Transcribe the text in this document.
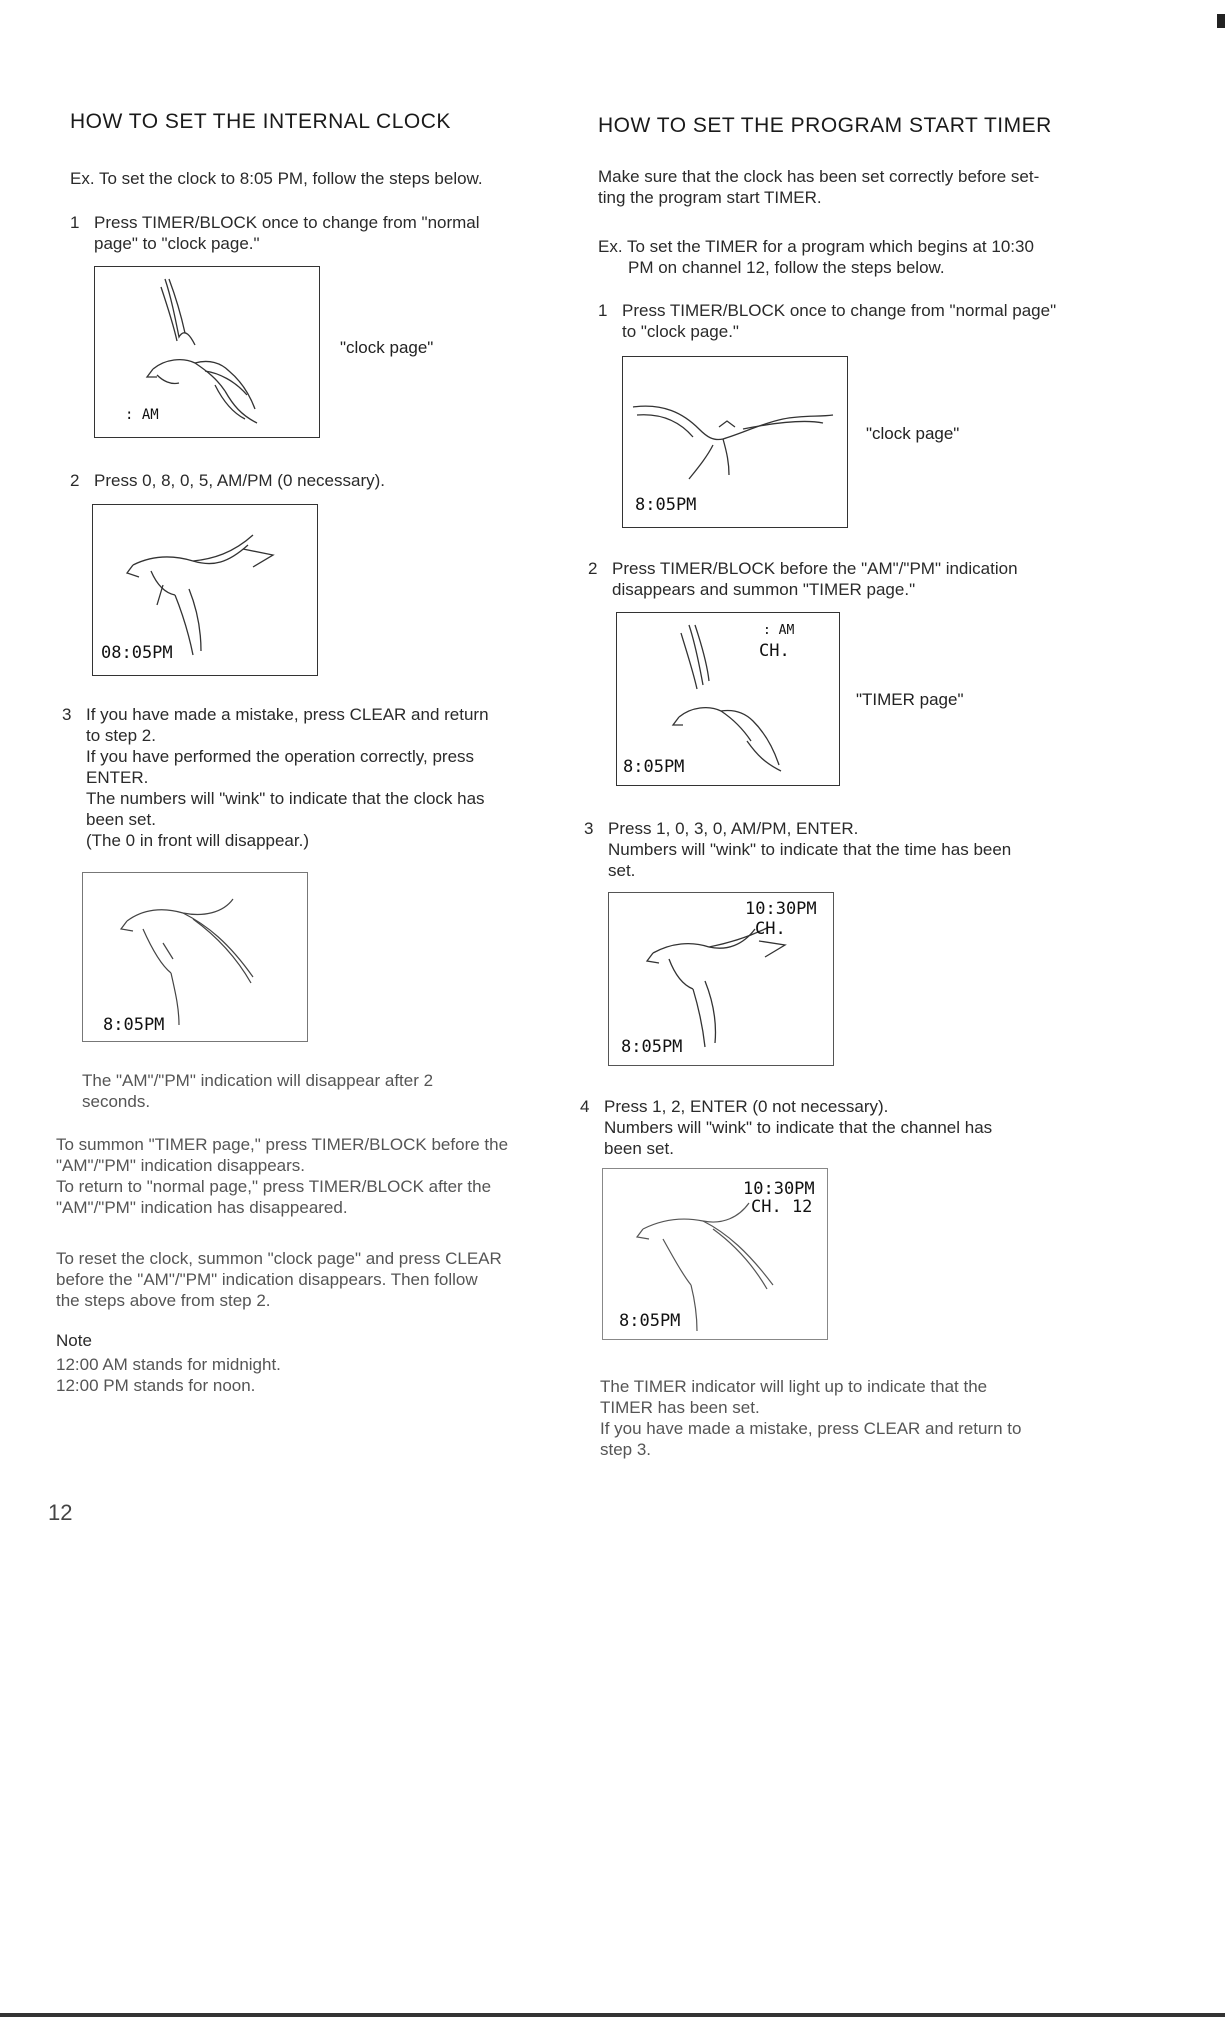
HOW TO SET THE INTERNAL CLOCK
Ex. To set the clock to 8:05 PM, follow the steps below.
1 Press TIMER/BLOCK once to change from "normal
page" to "clock page."
: AM
"clock page"
2 Press 0, 8, 0, 5, AM/PM (0 necessary).
08:05PM
3 If you have made a mistake, press CLEAR and return
to step 2.
If you have performed the operation correctly, press
ENTER.
The numbers will "wink" to indicate that the clock has
been set.
(The 0 in front will disappear.)
8:05PM
The "AM"/"PM" indication will disappear after 2
seconds.
To summon "TIMER page," press TIMER/BLOCK before the
"AM"/"PM" indication disappears.
To return to "normal page," press TIMER/BLOCK after the
"AM"/"PM" indication has disappeared.
To reset the clock, summon "clock page" and press CLEAR
before the "AM"/"PM" indication disappears. Then follow
the steps above from step 2.
Note
12:00 AM stands for midnight.
12:00 PM stands for noon.
12
HOW TO SET THE PROGRAM START TIMER
Make sure that the clock has been set correctly before set-
ting the program start TIMER.
Ex. To set the TIMER for a program which begins at 10:30
PM on channel 12, follow the steps below.
1 Press TIMER/BLOCK once to change from "normal page"
to "clock page."
8:05PM
"clock page"
2 Press TIMER/BLOCK before the "AM"/"PM" indication
disappears and summon "TIMER page."
: AM
CH.
8:05PM
"TIMER page"
3 Press 1, 0, 3, 0, AM/PM, ENTER.
Numbers will "wink" to indicate that the time has been
set.
10:30PM
CH.
8:05PM
4 Press 1, 2, ENTER (0 not necessary).
Numbers will "wink" to indicate that the channel has
been set.
10:30PM
CH. 12
8:05PM
The TIMER indicator will light up to indicate that the
TIMER has been set.
If you have made a mistake, press CLEAR and return to
step 3.
